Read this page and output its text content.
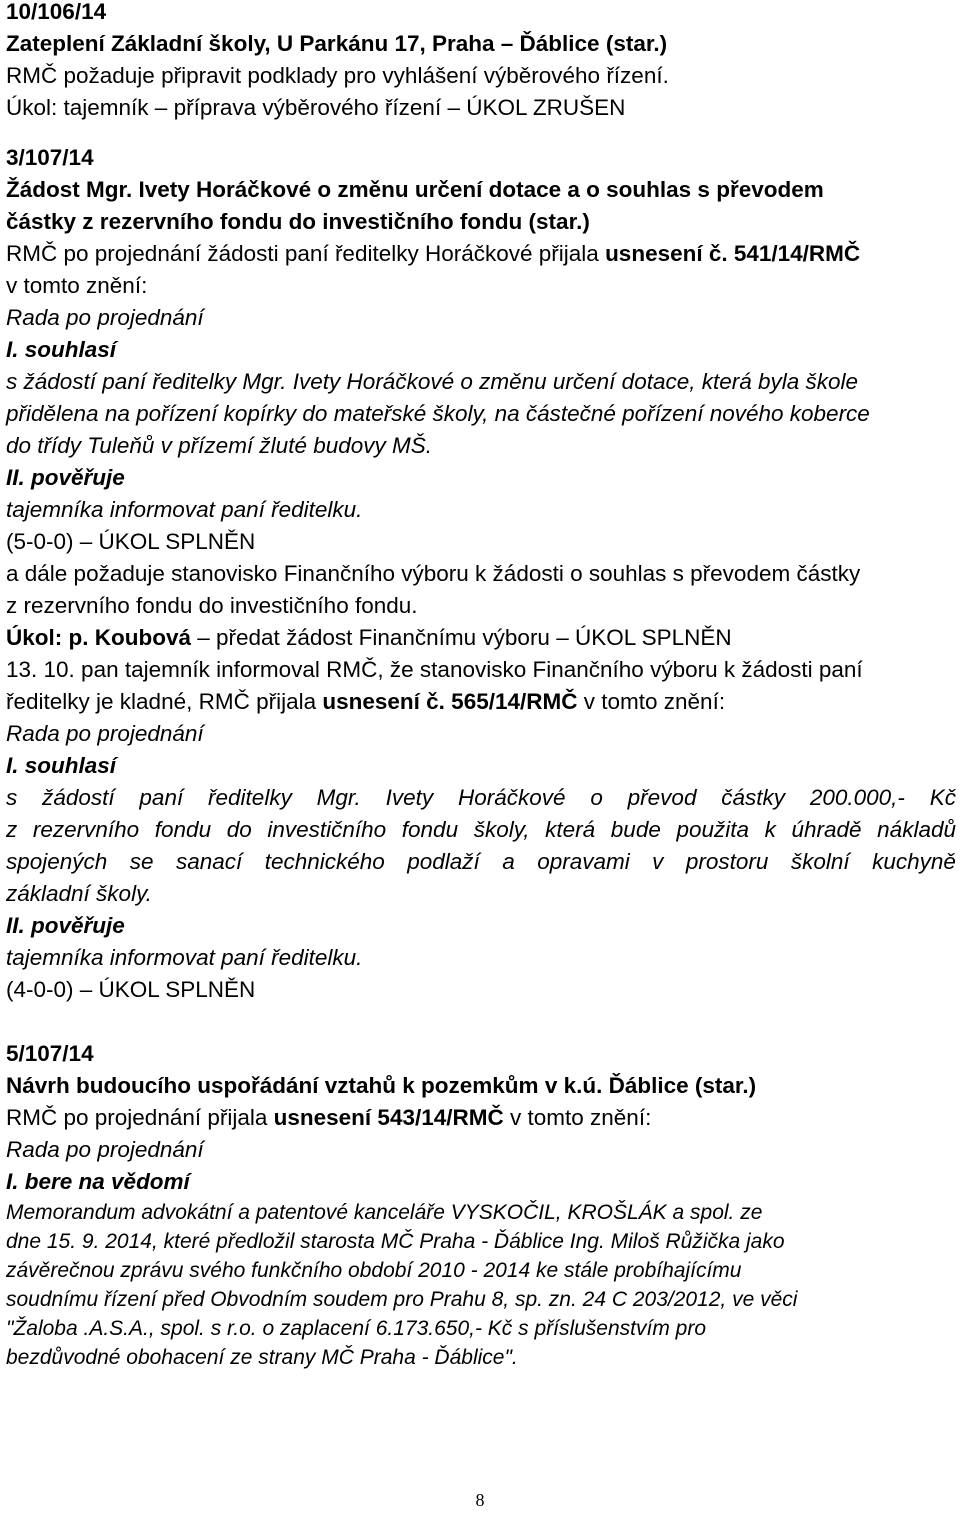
10/106/14
Zateplení Základní školy, U Parkánu 17, Praha – Ďáblice (star.)
RMČ požaduje připravit podklady pro vyhlášení výběrového řízení.
Úkol: tajemník – příprava výběrového řízení – ÚKOL ZRUŠEN
3/107/14
Žádost Mgr. Ivety Horáčkové o změnu určení dotace a o souhlas s převodem
částky z rezervního fondu do investičního fondu (star.)
RMČ po projednání žádosti paní ředitelky Horáčkové přijala usnesení č. 541/14/RMČ
v tomto znění:
Rada po projednání
I. souhlasí
s žádostí paní ředitelky Mgr. Ivety Horáčkové o změnu určení dotace, která byla škole
přidělena na pořízení kopírky do mateřské školy, na částečné pořízení nového koberce
do třídy Tuleňů v přízemí žluté budovy MŠ.
II. pověřuje
tajemníka informovat paní ředitelku.
(5-0-0) – ÚKOL SPLNĚN
a dále požaduje stanovisko Finančního výboru k žádosti o souhlas s převodem částky
z rezervního fondu do investičního fondu.
Úkol: p. Koubová – předat žádost Finančnímu výboru – ÚKOL SPLNĚN
13. 10. pan tajemník informoval RMČ, že stanovisko Finančního výboru k žádosti paní
ředitelky je kladné, RMČ přijala usnesení č. 565/14/RMČ v tomto znění:
Rada po projednání
I. souhlasí
s žádostí paní ředitelky Mgr. Ivety Horáčkové o převod částky 200.000,- Kč
z rezervního fondu do investičního fondu školy, která bude použita k úhradě nákladů
spojených se sanací technického podlaží a opravami v prostoru školní kuchyně
základní školy.
II. pověřuje
tajemníka informovat paní ředitelku.
(4-0-0) – ÚKOL SPLNĚN
5/107/14
Návrh budoucího uspořádání vztahů k pozemkům v k.ú. Ďáblice (star.)
RMČ po projednání přijala usnesení 543/14/RMČ v tomto znění:
Rada po projednání
I. bere na vědomí
Memorandum advokátní a patentové kanceláře VYSKOČIL, KROŠLÁK a spol. ze
dne 15. 9. 2014, které předložil starosta MČ Praha - Ďáblice Ing. Miloš Růžička jako
závěrečnou zprávu svého funkčního období 2010 - 2014 ke stále probíhajícímu
soudnímu řízení před Obvodním soudem pro Prahu 8, sp. zn. 24 C 203/2012, ve věci
"Žaloba .A.S.A., spol. s r.o. o zaplacení 6.173.650,- Kč s příslušenstvím pro
bezdůvodné obohacení ze strany MČ Praha - Ďáblice".
8
